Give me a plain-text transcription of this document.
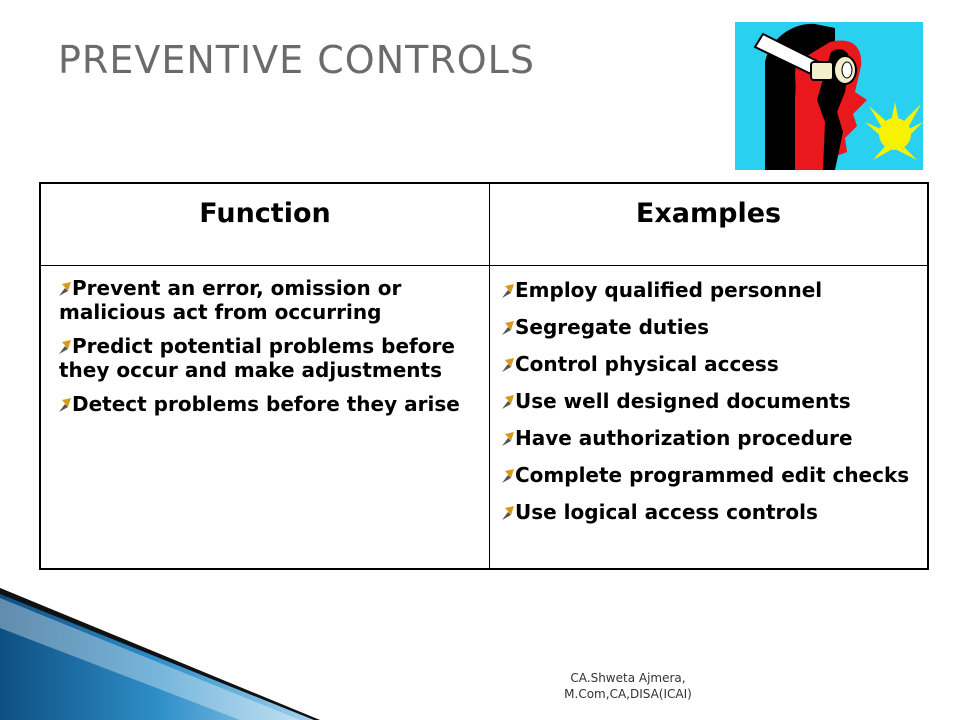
PREVENTIVE CONTROLS
Function	Examples
Prevent an error, omission or malicious act from occurring
Predict potential problems before they occur and make adjustments
Detect problems before they arise
Employ qualified personnel
Segregate duties
Control physical access
Use well designed documents
Have authorization procedure
Complete programmed edit checks
Use logical access controls
CA.Shweta Ajmera,
M.Com,CA,DISA(ICAI)
